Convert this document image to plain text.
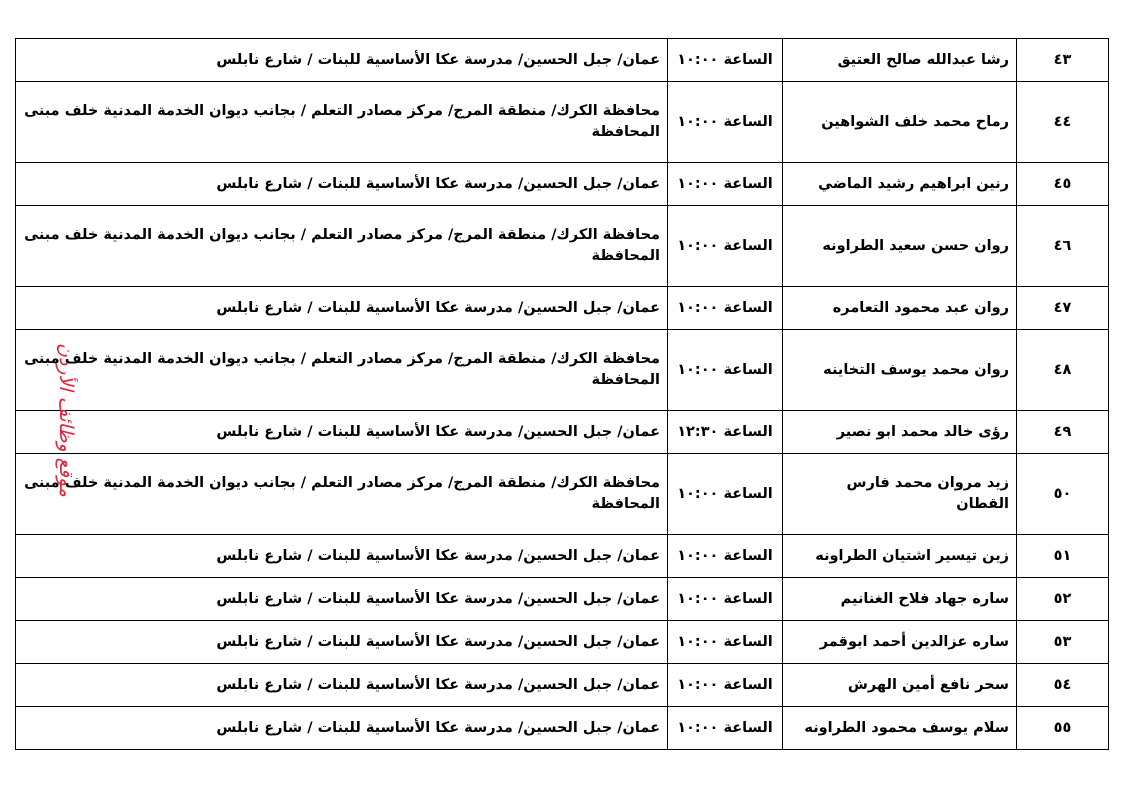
٤٣	رشا عبدالله صالح العتيق	الساعة ١٠:٠٠	عمان/ جبل الحسين/ مدرسة عكا الأساسية للبنات / شارع نابلس

٤٤	رماح محمد خلف الشواهين	الساعة ١٠:٠٠	محافظة الكرك/ منطقة المرج/ مركز مصادر التعلم / بجانب ديوان الخدمة المدنية خلف مبنى المحافظة

٤٥	رنين ابراهيم رشيد الماضي	الساعة ١٠:٠٠	عمان/ جبل الحسين/ مدرسة عكا الأساسية للبنات / شارع نابلس

٤٦	روان حسن سعيد الطراونه	الساعة ١٠:٠٠	محافظة الكرك/ منطقة المرج/ مركز مصادر التعلم / بجانب ديوان الخدمة المدنية خلف مبنى المحافظة

٤٧	روان عبد محمود التعامره	الساعة ١٠:٠٠	عمان/ جبل الحسين/ مدرسة عكا الأساسية للبنات / شارع نابلس

٤٨	روان محمد يوسف التخاينه	الساعة ١٠:٠٠	محافظة الكرك/ منطقة المرج/ مركز مصادر التعلم / بجانب ديوان الخدمة المدنية خلف مبنى المحافظة

٤٩	رؤى خالد محمد ابو نصير	الساعة ١٢:٣٠	عمان/ جبل الحسين/ مدرسة عكا الأساسية للبنات / شارع نابلس

٥٠	زيد مروان محمد فارس القطان	الساعة ١٠:٠٠	محافظة الكرك/ منطقة المرج/ مركز مصادر التعلم / بجانب ديوان الخدمة المدنية خلف مبنى المحافظة

٥١	زين تيسير اشتيان الطراونه	الساعة ١٠:٠٠	عمان/ جبل الحسين/ مدرسة عكا الأساسية للبنات / شارع نابلس

٥٢	ساره جهاد فلاح الغنانيم	الساعة ١٠:٠٠	عمان/ جبل الحسين/ مدرسة عكا الأساسية للبنات / شارع نابلس

٥٣	ساره عزالدين أحمد ابوقمر	الساعة ١٠:٠٠	عمان/ جبل الحسين/ مدرسة عكا الأساسية للبنات / شارع نابلس

٥٤	سحر نافع أمين الهرش	الساعة ١٠:٠٠	عمان/ جبل الحسين/ مدرسة عكا الأساسية للبنات / شارع نابلس

٥٥	سلام يوسف محمود الطراونه	الساعة ١٠:٠٠	عمان/ جبل الحسين/ مدرسة عكا الأساسية للبنات / شارع نابلس
موقع وظائف الأردن
